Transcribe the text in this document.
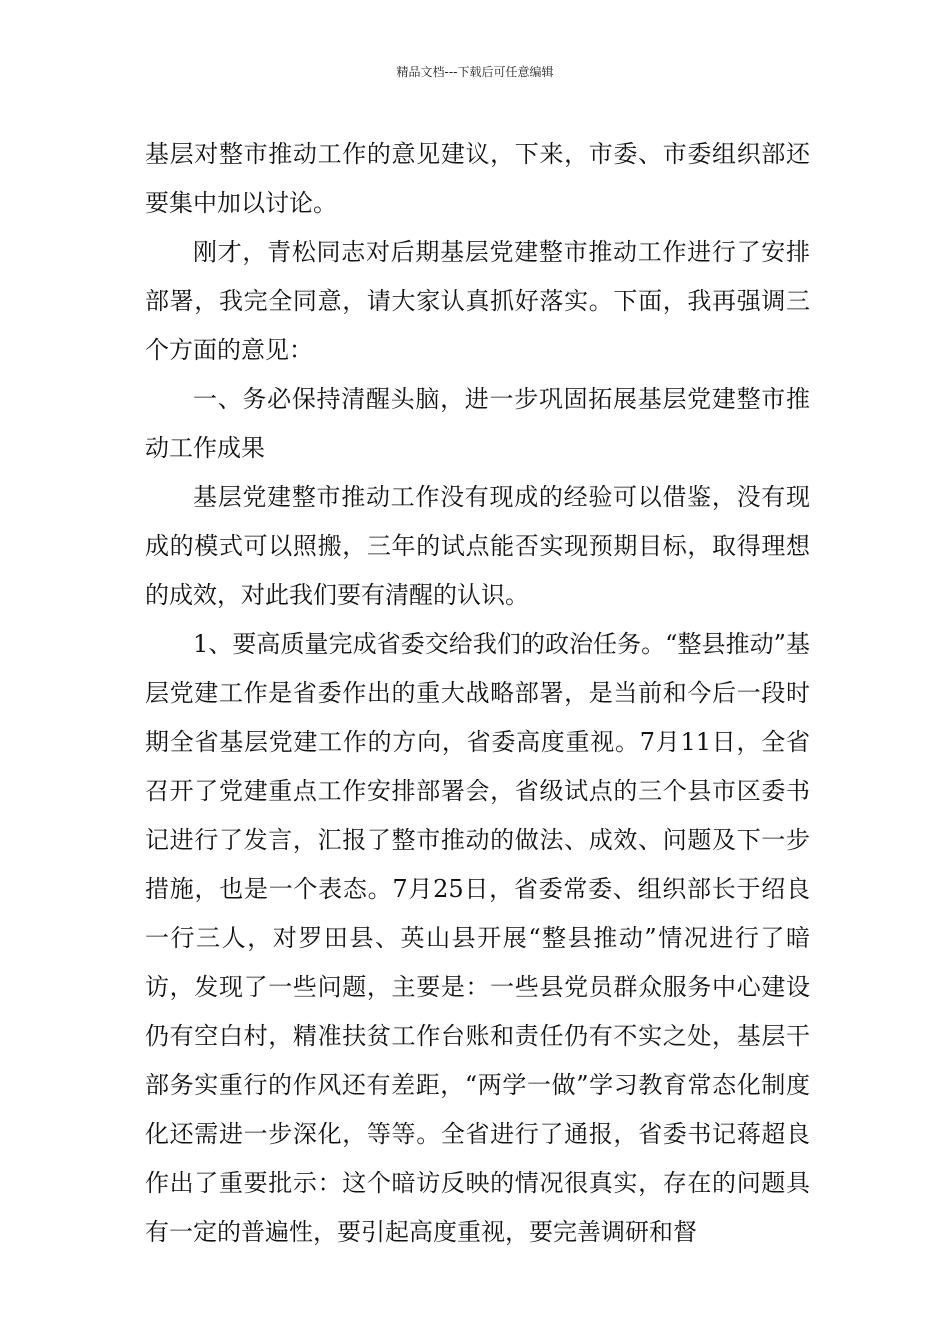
精品文档---下载后可任意编辑

基层对整市推动工作的意见建议，下来，市委、市委组织部还要集中加以讨论。

刚才，青松同志对后期基层党建整市推动工作进行了安排部署，我完全同意，请大家认真抓好落实。下面，我再强调三个方面的意见：

一、务必保持清醒头脑，进一步巩固拓展基层党建整市推动工作成果

基层党建整市推动工作没有现成的经验可以借鉴，没有现成的模式可以照搬，三年的试点能否实现预期目标，取得理想的成效，对此我们要有清醒的认识。

1、要高质量完成省委交给我们的政治任务。“整县推动”基层党建工作是省委作出的重大战略部署，是当前和今后一段时期全省基层党建工作的方向，省委高度重视。7月11日，全省召开了党建重点工作安排部署会，省级试点的三个县市区委书记进行了发言，汇报了整市推动的做法、成效、问题及下一步措施，也是一个表态。7月25日，省委常委、组织部长于绍良一行三人，对罗田县、英山县开展“整县推动”情况进行了暗访，发现了一些问题，主要是：一些县党员群众服务中心建设仍有空白村，精准扶贫工作台账和责任仍有不实之处，基层干部务实重行的作风还有差距，“两学一做”学习教育常态化制度化还需进一步深化，等等。全省进行了通报，省委书记蒋超良作出了重要批示：这个暗访反映的情况很真实，存在的问题具有一定的普遍性，要引起高度重视，要完善调研和督
